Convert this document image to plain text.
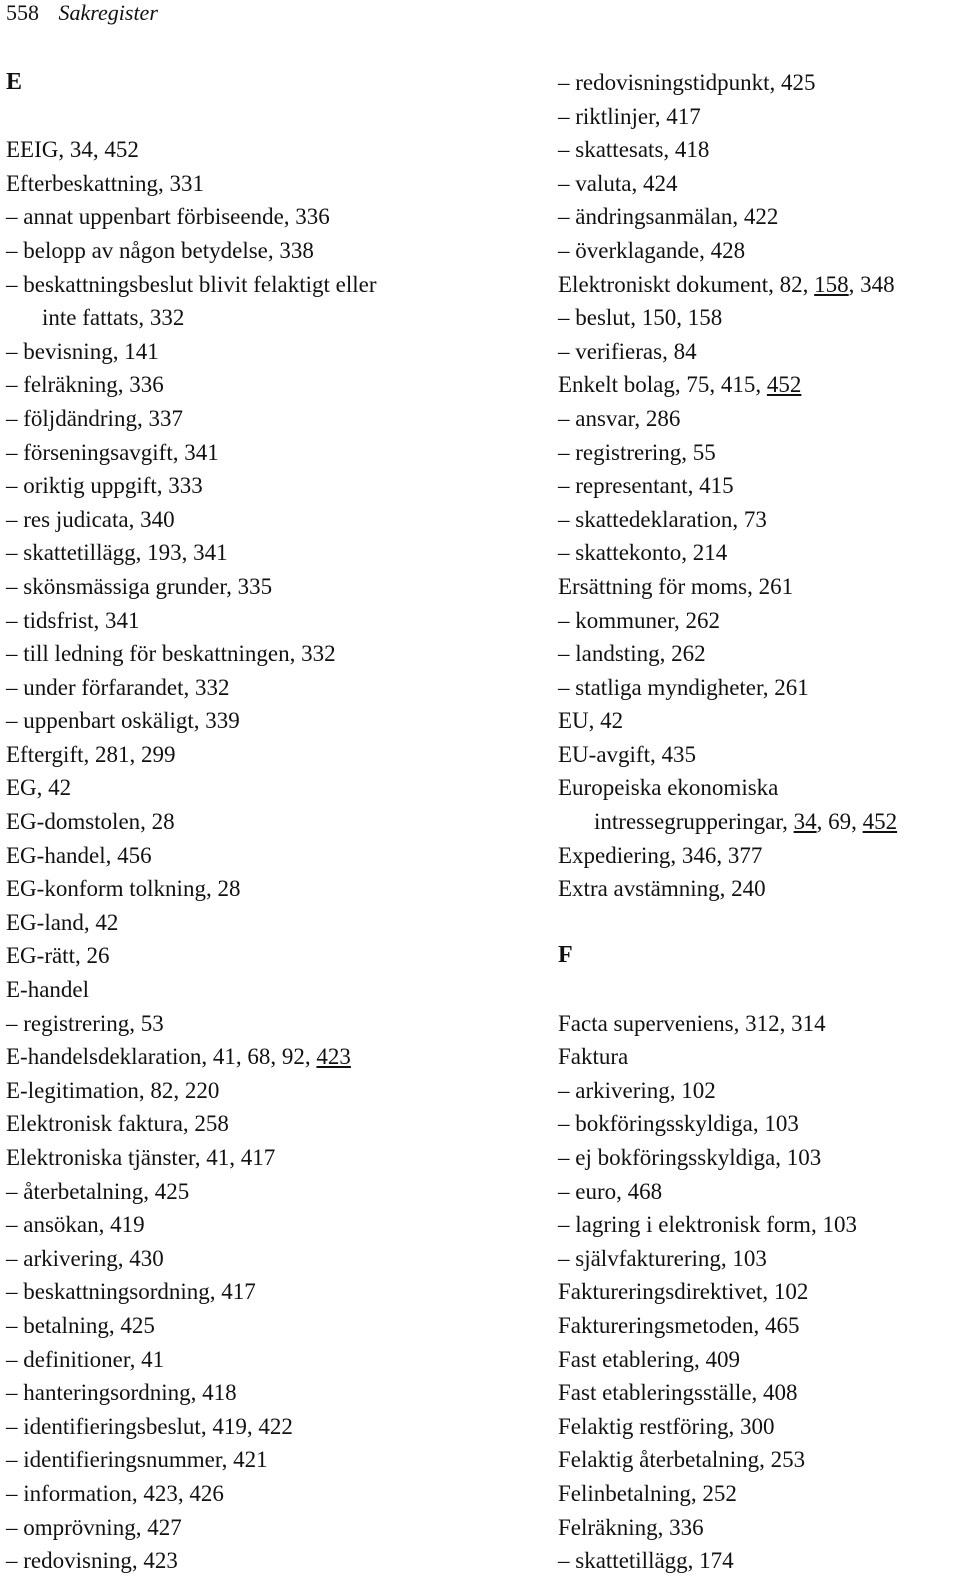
558 Sakregister
E
EEIG, 34, 452
Efterbeskattning, 331
– annat uppenbart förbiseende, 336
– belopp av någon betydelse, 338
– beskattningsbeslut blivit felaktigt eller
inte fattats, 332
– bevisning, 141
– felräkning, 336
– följdändring, 337
– förseningsavgift, 341
– oriktig uppgift, 333
– res judicata, 340
– skattetillägg, 193, 341
– skönsmässiga grunder, 335
– tidsfrist, 341
– till ledning för beskattningen, 332
– under förfarandet, 332
– uppenbart oskäligt, 339
Eftergift, 281, 299
EG, 42
EG-domstolen, 28
EG-handel, 456
EG-konform tolkning, 28
EG-land, 42
EG-rätt, 26
E-handel
– registrering, 53
E-handelsdeklaration, 41, 68, 92, 423
E-legitimation, 82, 220
Elektronisk faktura, 258
Elektroniska tjänster, 41, 417
– återbetalning, 425
– ansökan, 419
– arkivering, 430
– beskattningsordning, 417
– betalning, 425
– definitioner, 41
– hanteringsordning, 418
– identifieringsbeslut, 419, 422
– identifieringsnummer, 421
– information, 423, 426
– omprövning, 427
– redovisning, 423
– redovisningstidpunkt, 425
– riktlinjer, 417
– skattesats, 418
– valuta, 424
– ändringsanmälan, 422
– överklagande, 428
Elektroniskt dokument, 82, 158, 348
– beslut, 150, 158
– verifieras, 84
Enkelt bolag, 75, 415, 452
– ansvar, 286
– registrering, 55
– representant, 415
– skattedeklaration, 73
– skattekonto, 214
Ersättning för moms, 261
– kommuner, 262
– landsting, 262
– statliga myndigheter, 261
EU, 42
EU-avgift, 435
Europeiska ekonomiska
intressegrupperingar, 34, 69, 452
Expediering, 346, 377
Extra avstämning, 240
F
Facta superveniens, 312, 314
Faktura
– arkivering, 102
– bokföringsskyldiga, 103
– ej bokföringsskyldiga, 103
– euro, 468
– lagring i elektronisk form, 103
– självfakturering, 103
Faktureringsdirektivet, 102
Faktureringsmetoden, 465
Fast etablering, 409
Fast etableringsställe, 408
Felaktig restföring, 300
Felaktig återbetalning, 253
Felinbetalning, 252
Felräkning, 336
– skattetillägg, 174
